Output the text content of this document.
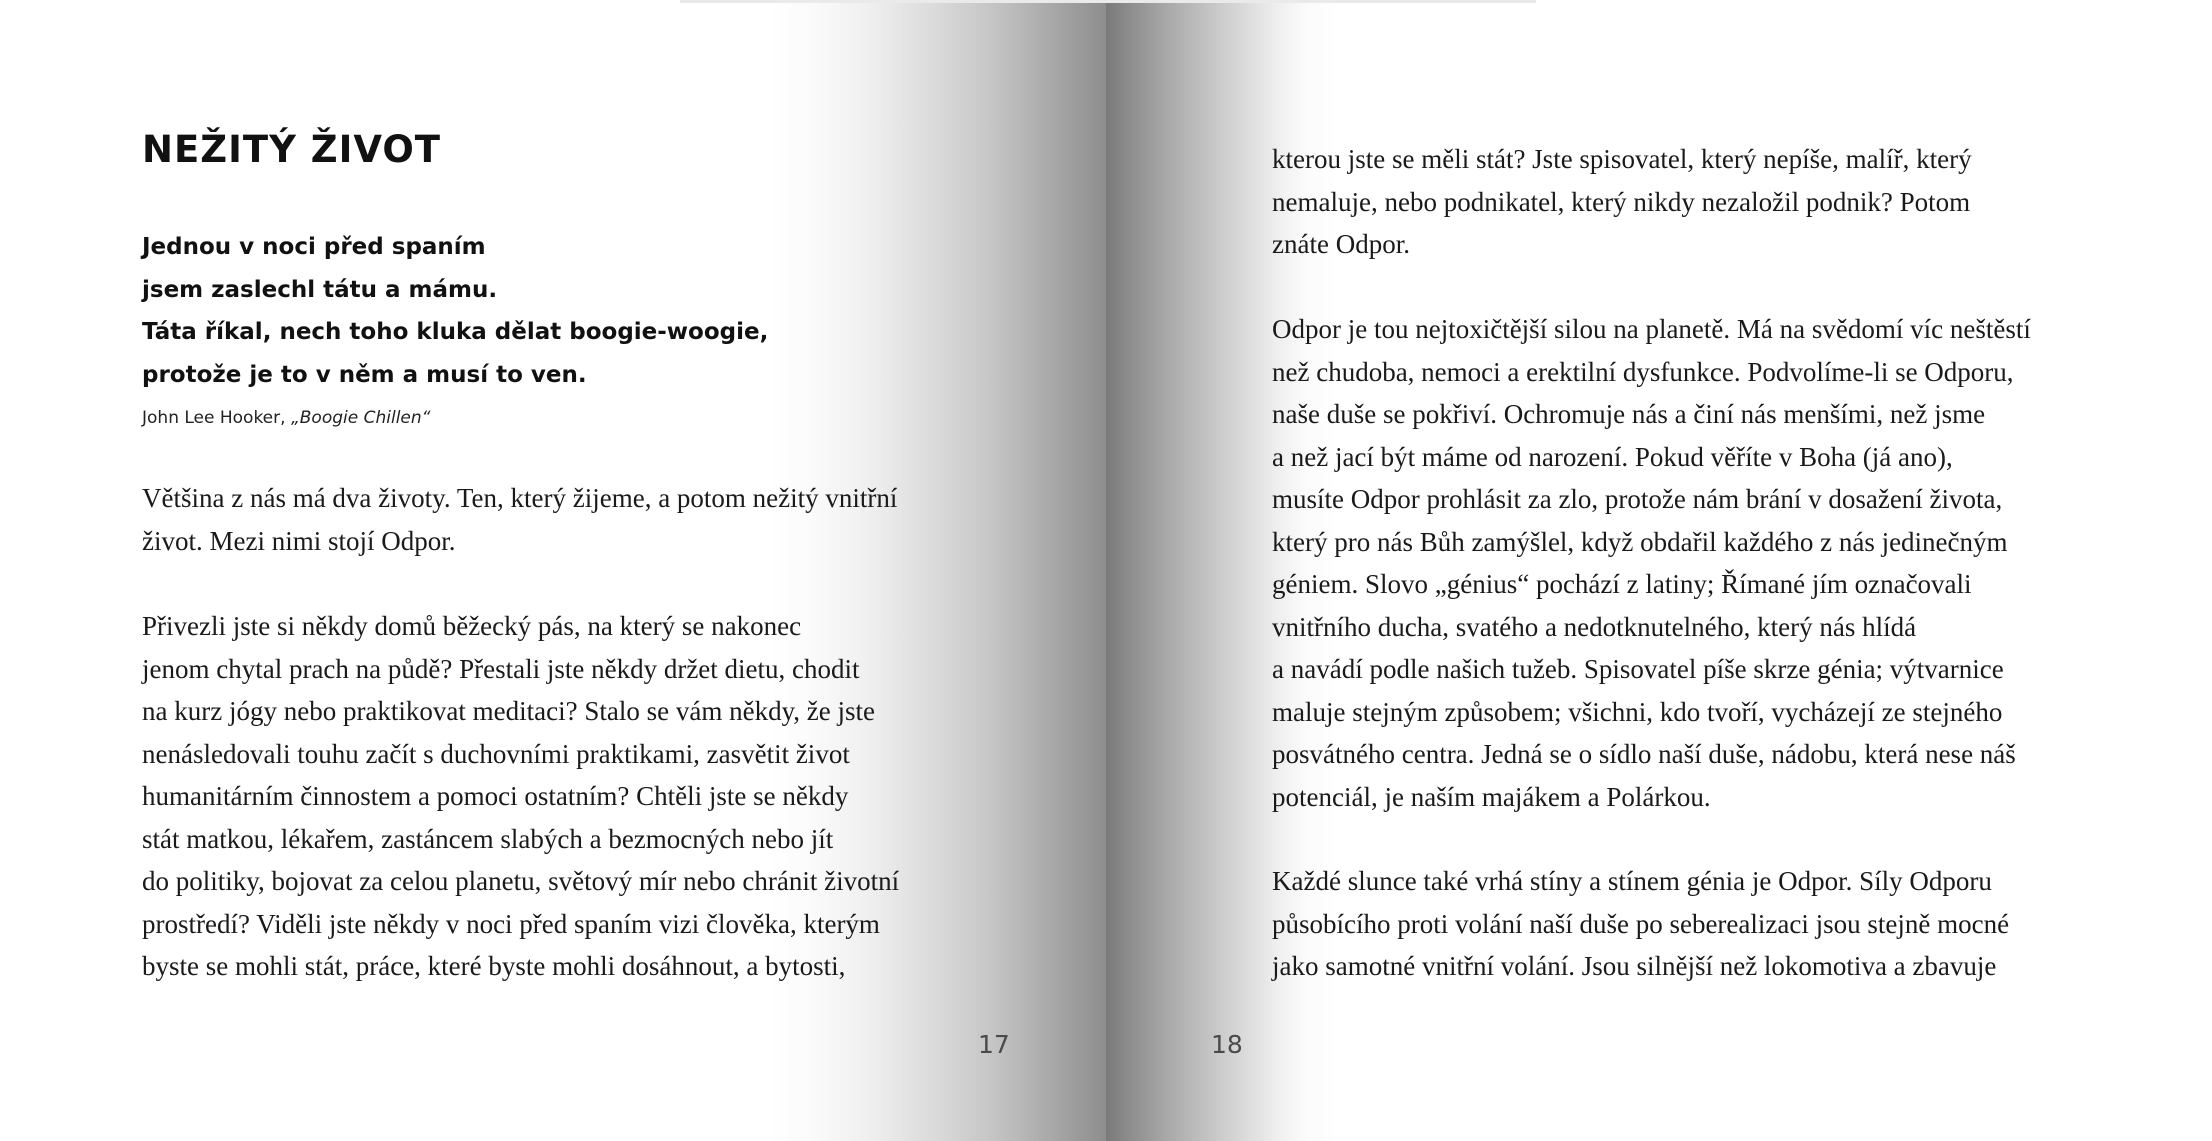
NEŽITÝ ŽIVOT
Jednou v noci před spaním
jsem zaslechl tátu a mámu.
Táta říkal, nech toho kluka dělat boogie-woogie,
protože je to v něm a musí to ven.

John Lee Hooker, „Boogie Chillen“

Většina z nás má dva životy. Ten, který žijeme, a potom nežitý vnitřní
život. Mezi nimi stojí Odpor.

Přivezli jste si někdy domů běžecký pás, na který se nakonec
jenom chytal prach na půdě? Přestali jste někdy držet dietu, chodit
na kurz jógy nebo praktikovat meditaci? Stalo se vám někdy, že jste
nenásledovali touhu začít s duchovními praktikami, zasvětit život
humanitárním činnostem a pomoci ostatním? Chtěli jste se někdy
stát matkou, lékařem, zastáncem slabých a bezmocných nebo jít
do politiky, bojovat za celou planetu, světový mír nebo chránit životní
prostředí? Viděli jste někdy v noci před spaním vizi člověka, kterým
byste se mohli stát, práce, které byste mohli dosáhnout, a bytosti,

17

kterou jste se měli stát? Jste spisovatel, který nepíše, malíř, který
nemaluje, nebo podnikatel, který nikdy nezaložil podnik? Potom
znáte Odpor.

Odpor je tou nejtoxičtější silou na planetě. Má na svědomí víc neštěstí
než chudoba, nemoci a erektilní dysfunkce. Podvolíme-li se Odporu,
naše duše se pokřiví. Ochromuje nás a činí nás menšími, než jsme
a než jací být máme od narození. Pokud věříte v Boha (já ano),
musíte Odpor prohlásit za zlo, protože nám brání v dosažení života,
který pro nás Bůh zamýšlel, když obdařil každého z nás jedinečným
géniem. Slovo „génius“ pochází z latiny; Římané jím označovali
vnitřního ducha, svatého a nedotknutelného, který nás hlídá
a navádí podle našich tužeb. Spisovatel píše skrze génia; výtvarnice
maluje stejným způsobem; všichni, kdo tvoří, vycházejí ze stejného
posvátného centra. Jedná se o sídlo naší duše, nádobu, která nese náš
potenciál, je naším majákem a Polárkou.

Každé slunce také vrhá stíny a stínem génia je Odpor. Síly Odporu
působícího proti volání naší duše po seberealizaci jsou stejně mocné
jako samotné vnitřní volání. Jsou silnější než lokomotiva a zbavuje

18
